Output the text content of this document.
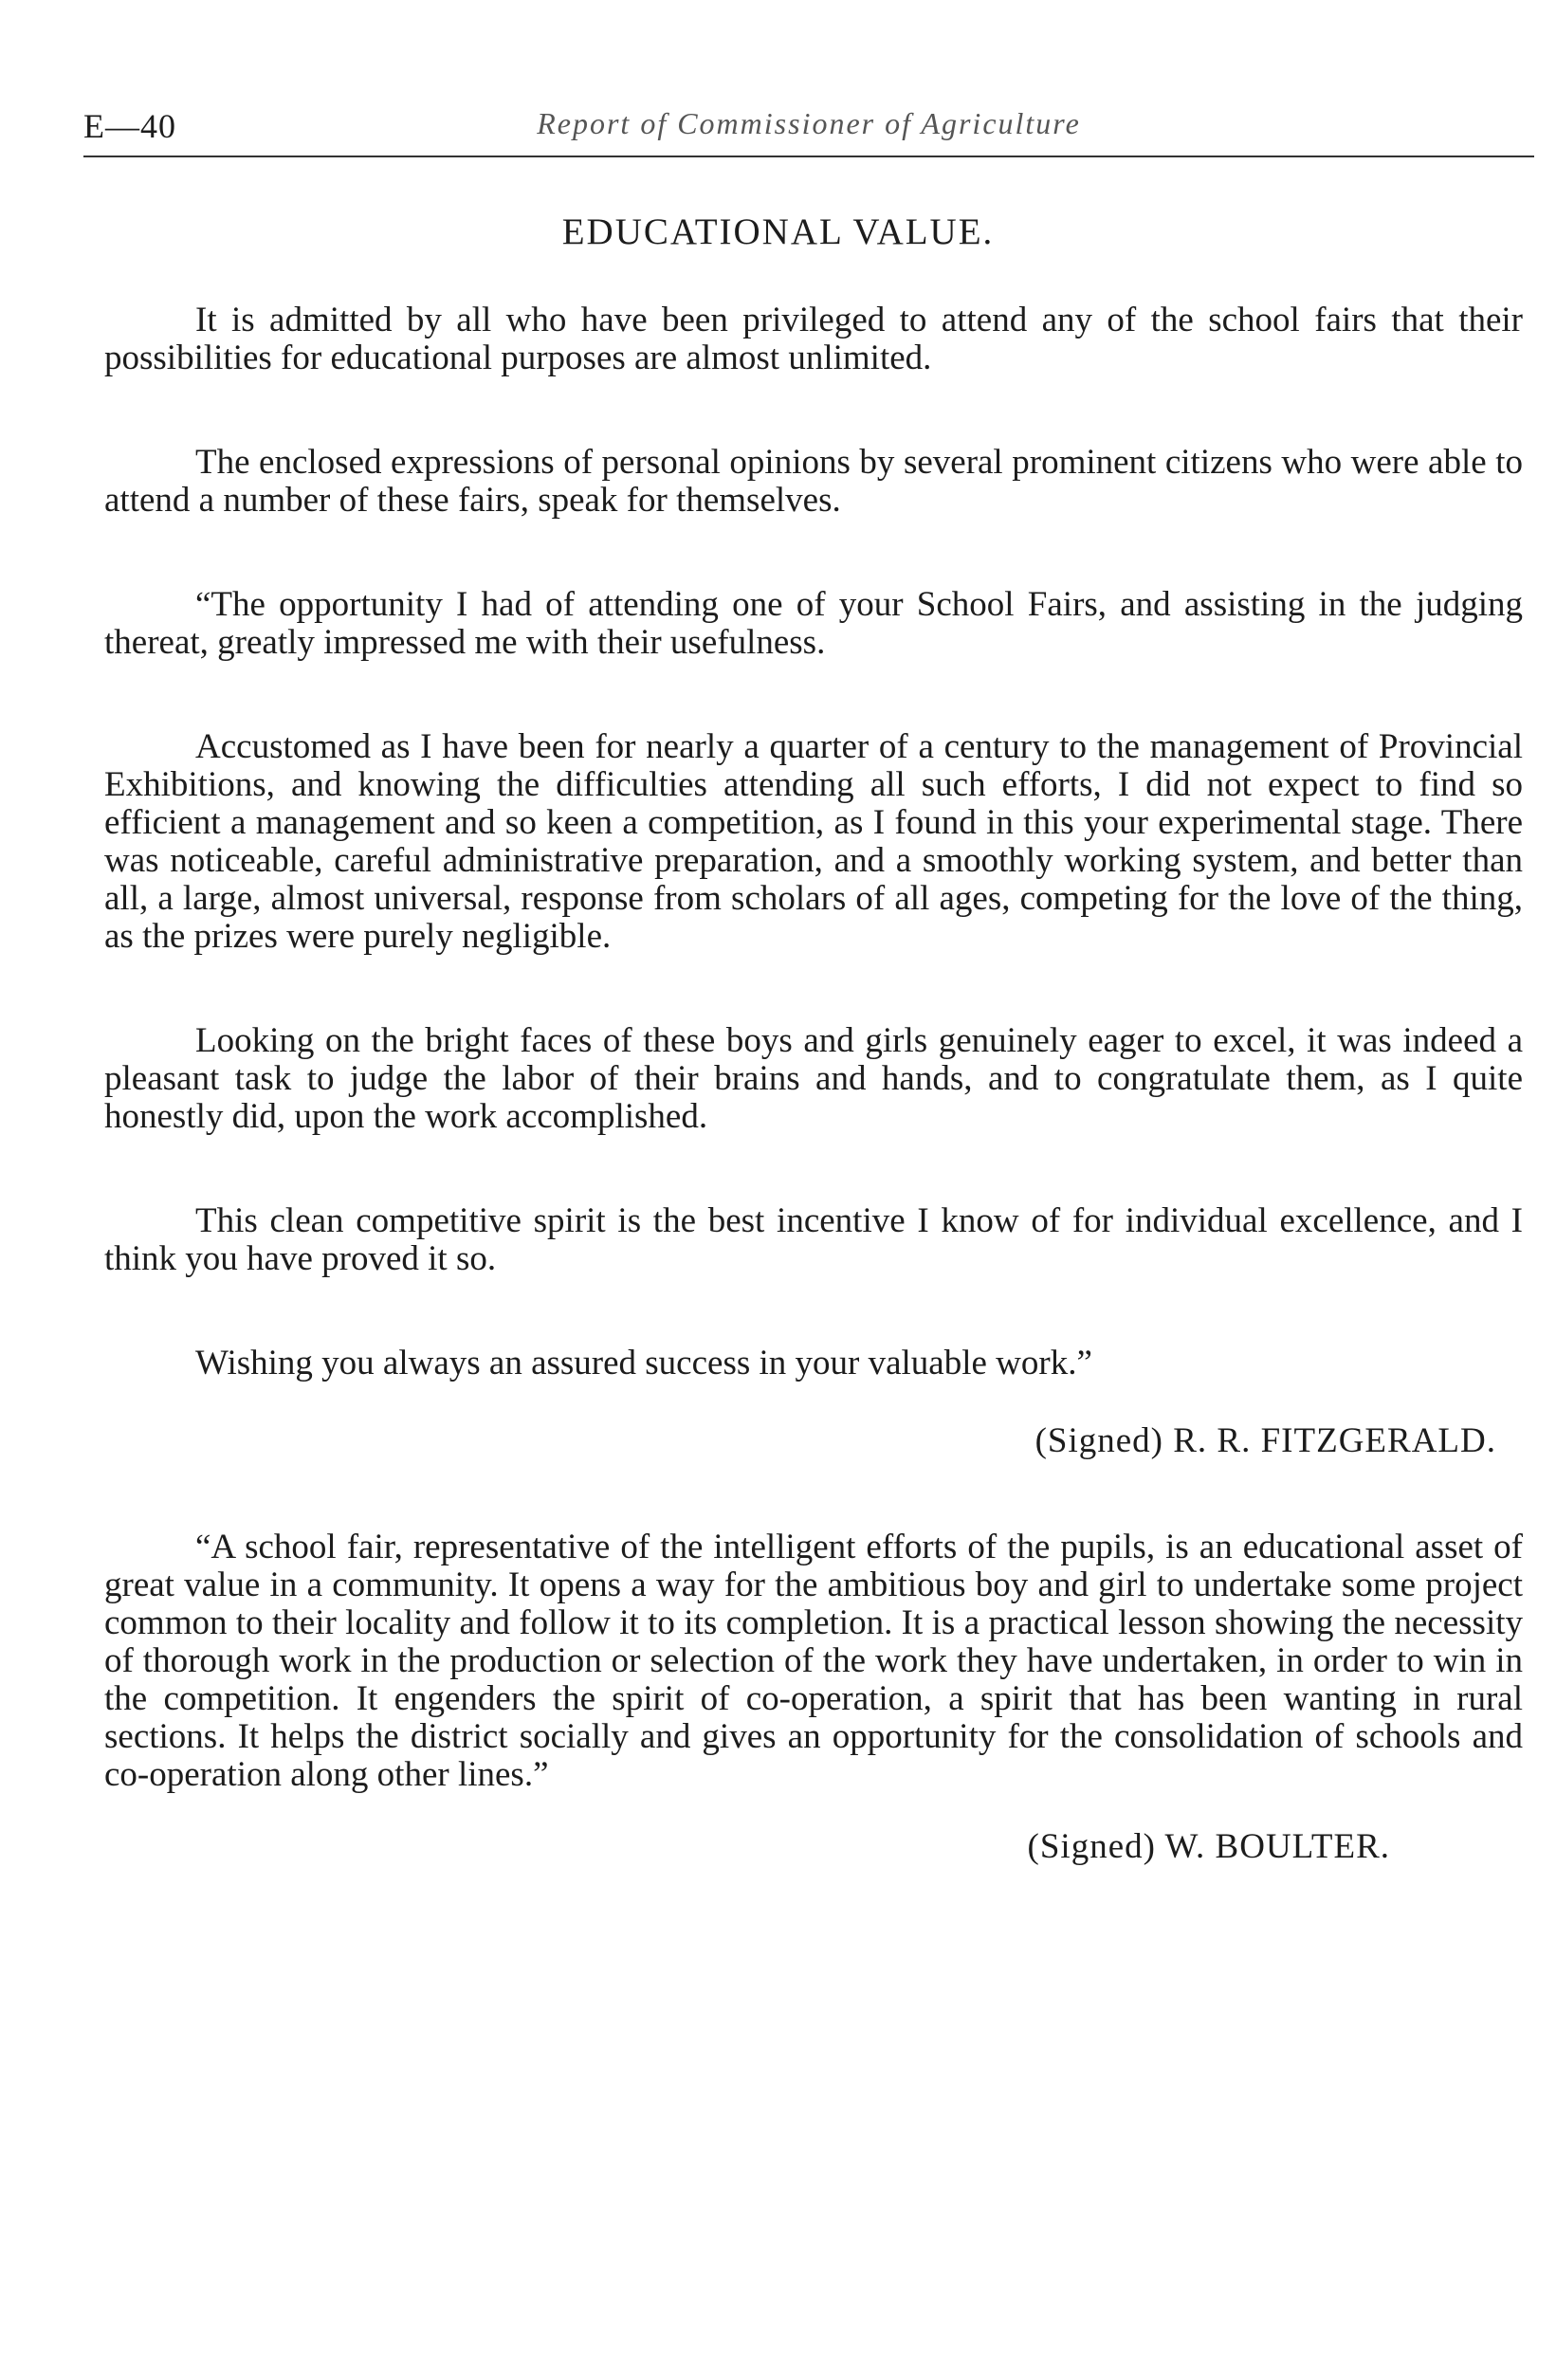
E—40	Report of Commissioner of Agriculture
EDUCATIONAL VALUE.

It is admitted by all who have been privileged to attend any of the school fairs that their possibilities for educational purposes are almost unlimited.

The enclosed expressions of personal opinions by several prominent citizens who were able to attend a number of these fairs, speak for themselves.

“The opportunity I had of attending one of your School Fairs, and assisting in the judging thereat, greatly impressed me with their usefulness.

Accustomed as I have been for nearly a quarter of a century to the management of Provincial Exhibitions, and knowing the difficulties attending all such efforts, I did not expect to find so efficient a management and so keen a competition, as I found in this your experimental stage. There was noticeable, careful administrative preparation, and a smoothly working system, and better than all, a large, almost universal, response from scholars of all ages, competing for the love of the thing, as the prizes were purely negligible.

Looking on the bright faces of these boys and girls genuinely eager to excel, it was indeed a pleasant task to judge the labor of their brains and hands, and to congratulate them, as I quite honestly did, upon the work accomplished.

This clean competitive spirit is the best incentive I know of for individual excellence, and I think you have proved it so.

Wishing you always an assured success in your valuable work.”

(Signed) R. R. FITZGERALD.

“A school fair, representative of the intelligent efforts of the pupils, is an educational asset of great value in a community. It opens a way for the ambitious boy and girl to undertake some project common to their locality and follow it to its completion. It is a practical lesson showing the necessity of thorough work in the production or selection of the work they have undertaken, in order to win in the competition. It engenders the spirit of co-operation, a spirit that has been wanting in rural sections. It helps the district socially and gives an opportunity for the consolidation of schools and co-operation along other lines.”

(Signed) W. BOULTER.
